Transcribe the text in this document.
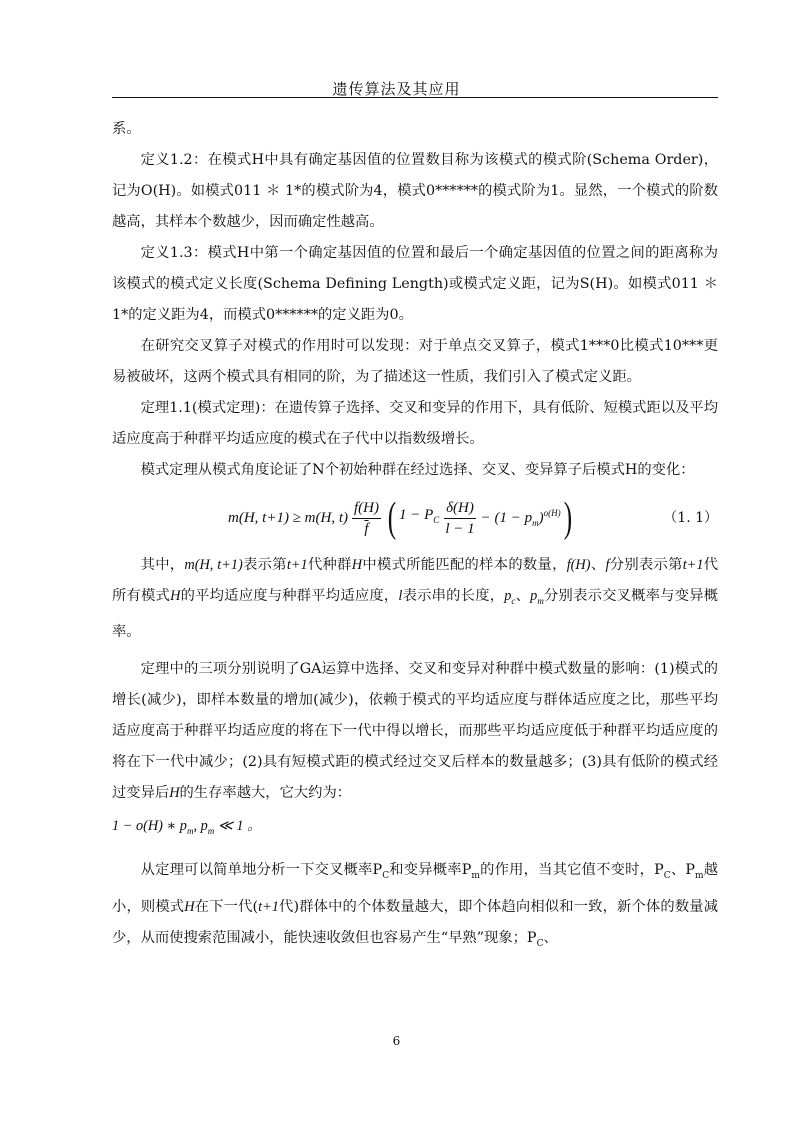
遗传算法及其应用

系。

定义1.2：在模式H中具有确定基因值的位置数目称为该模式的模式阶(Schema Order)，记为O(H)。如模式011 ＊ 1*的模式阶为4，模式0******的模式阶为1。显然，一个模式的阶数越高，其样本个数越少，因而确定性越高。

定义1.3：模式H中第一个确定基因值的位置和最后一个确定基因值的位置之间的距离称为该模式的模式定义长度(Schema Defining Length)或模式定义距，记为S(H)。如模式011 ＊ 1*的定义距为4，而模式0******的定义距为0。

在研究交叉算子对模式的作用时可以发现：对于单点交叉算子，模式1***0比模式10***更易被破坏，这两个模式具有相同的阶，为了描述这一性质，我们引入了模式定义距。

定理1.1(模式定理)：在遗传算子选择、交叉和变异的作用下，具有低阶、短模式距以及平均适应度高于种群平均适应度的模式在子代中以指数级增长。

模式定理从模式角度论证了N个初始种群在经过选择、交叉、变异算子后模式H的变化：

m(H, t+1) ≥ m(H, $t) \frac{f(H)}{f}$ ( $1 - P_C \frac{\delta(H)}{l - 1} - (1 - p_m)^{o(H)}$ )	（1. 1）

其中，m(H, t+1)表示第t+1代种群H中模式所能匹配的样本的数量，f(H)、f分别表示第t+1代所有模式H的平均适应度与种群平均适应度，l表示串的长度，$p_c$、$p_m$分别表示交叉概率与变异概率。

定理中的三项分别说明了GA运算中选择、交叉和变异对种群中模式数量的影响：(1)模式的增长(减少)，即样本数量的增加(减少)，依赖于模式的平均适应度与群体适应度之比，那些平均适应度高于种群平均适应度的将在下一代中得以增长，而那些平均适应度低于种群平均适应度的将在下一代中减少；(2)具有短模式距的模式经过交叉后样本的数量越多；(3)具有低阶的模式经过变异后H的生存率越大，它大约为：

1 − o(H) ∗ $p_m$, $p_m$ ≪ 1 。

从定理可以简单地分析一下交叉概率$P_C$和变异概率$P_m$的作用，当其它值不变时，$P_C$、$P_m$越小，则模式H在下一代(t+1代)群体中的个体数量越大，即个体趋向相似和一致，新个体的数量减少，从而使搜索范围减小，能快速收敛但也容易产生“早熟”现象；$P_C$、

6
